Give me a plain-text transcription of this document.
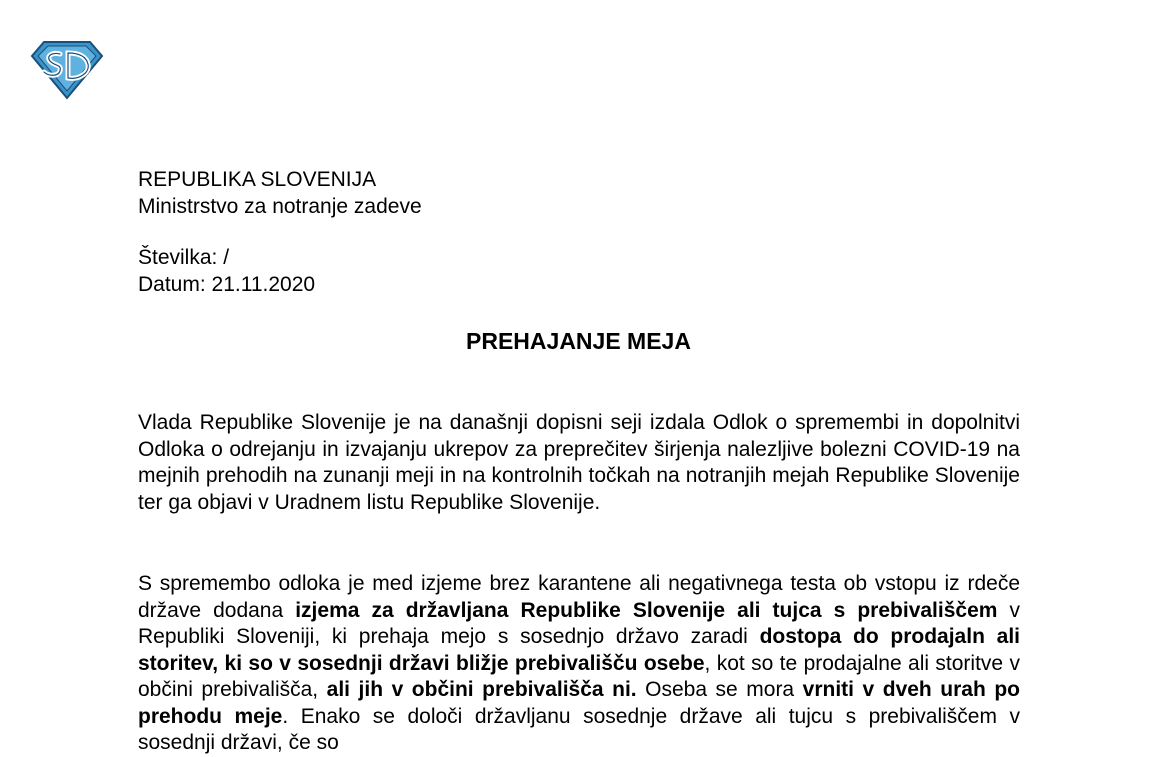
REPUBLIKA SLOVENIJA
Ministrstvo za notranje zadeve
Številka: /
Datum: 21.11.2020
PREHAJANJE MEJA

Vlada Republike Slovenije je na današnji dopisni seji izdala Odlok o spremembi in dopolnitvi Odloka o odrejanju in izvajanju ukrepov za preprečitev širjenja nalezljive bolezni COVID-19 na mejnih prehodih na zunanji meji in na kontrolnih točkah na notranjih mejah Republike Slovenije ter ga objavi v Uradnem listu Republike Slovenije.

S spremembo odloka je med izjeme brez karantene ali negativnega testa ob vstopu iz rdeče države dodana izjema za državljana Republike Slovenije ali tujca s prebivališčem v Republiki Sloveniji, ki prehaja mejo s sosednjo državo zaradi dostopa do prodajaln ali storitev, ki so v sosednji državi bližje prebivališču osebe, kot so te prodajalne ali storitve v občini prebivališča, ali jih v občini prebivališča ni. Oseba se mora vrniti v dveh urah po prehodu meje. Enako se določi državljanu sosednje države ali tujcu s prebivališčem v sosednji državi, če so
